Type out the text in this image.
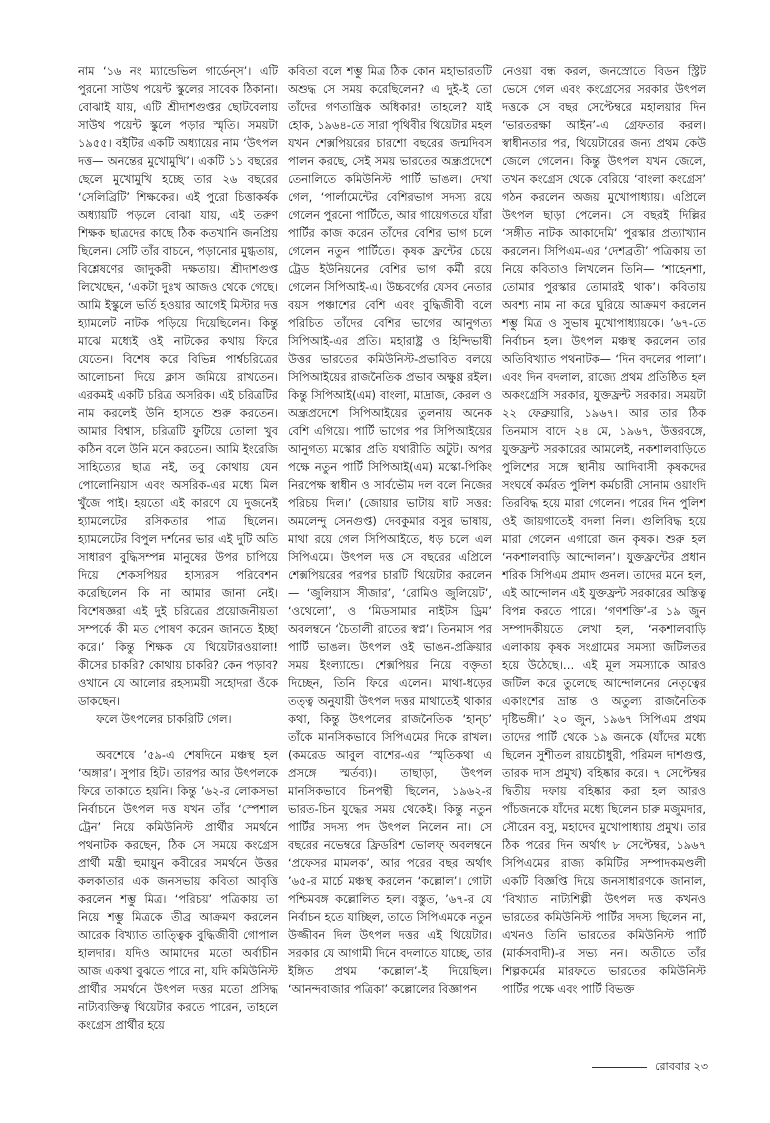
নাম ‘১৬ নং ম্যান্ডেভিল গার্ডেন্‌স’। এটি পুরনো সাউথ পয়েন্ট স্কুলের সাবেক ঠিকানা। বোঝাই যায়, এটি শ্রীদাশগুপ্তর ছোটবেলায় সাউথ পয়েন্ট স্কুলে পড়ার স্মৃতি। সময়টা ১৯৫৫। বইটির একটি অধ্যায়ের নাম ‘উৎপল দত্ত— অনন্তের মুখোমুখি’। একটি ১১ বছরের ছেলে মুখোমুখি হচ্ছে তার ২৬ বছরের ‘সেলিব্রিটি’ শিক্ষকের। এই পুরো চিত্তাকর্ষক অধ্যায়টি পড়লে বোঝা যায়, এই তরুণ শিক্ষক ছাত্রদের কাছে ঠিক কতখানি জনপ্রিয় ছিলেন। সেটি তাঁর বাচনে, পড়ানোর মুগ্ধতায়, বিশ্লেষণের জাদুকরী দক্ষতায়। শ্রীদাশগুপ্ত লিখেছেন, ‘একটা দুঃখ আজও থেকে গেছে। আমি ইস্কুলে ভর্তি হওয়ার আগেই মিস্টার দত্ত হ্যামলেট নাটক পড়িয়ে দিয়েছিলেন। কিন্তু মাঝে মধ্যেই ওই নাটকের কথায় ফিরে যেতেন। বিশেষ করে বিভিন্ন পার্শ্বচরিত্রের আলোচনা দিয়ে ক্লাস জমিয়ে রাখতেন। এরকমই একটি চরিত্র অসরিক। এই চরিত্রটির নাম করলেই উনি হাসতে শুরু করতেন। আমার বিশ্বাস, চরিত্রটি ফুটিয়ে তোলা খুব কঠিন বলে উনি মনে করতেন। আমি ইংরেজি সাহিত্যের ছাত্র নই, তবু কোথায় যেন পোলোনিয়াস এবং অসরিক-এর মধ্যে মিল খুঁজে পাই। হয়তো এই কারণে যে দুজনেই হ্যামলেটের রসিকতার পাত্র ছিলেন। হ্যামলেটের বিপুল দর্শনের ভার এই দুটি অতি সাধারণ বুদ্ধিসম্পন্ন মানুষের উপর চাপিয়ে দিয়ে শেকসপিয়র হাস্যরস পরিবেশন করেছিলেন কি না আমার জানা নেই। বিশেষজ্ঞরা এই দুই চরিত্রের প্রয়োজনীয়তা সম্পর্কে কী মত পোষণ করেন জানতে ইচ্ছা করে।’ কিন্তু শিক্ষক যে থিয়েটারওয়ালা! কীসের চাকরি? কোথায় চাকরি? কেন পড়াব? ওখানে যে আলোর রহস্যময়ী সহোদরা ওঁকে ডাকছেন।

ফলে উৎপলের চাকরিটি গেল।

অবশেষে ’৫৯-এ শেষদিনে মঞ্চস্থ হল ‘অঙ্গার’। সুপার হিট। তারপর আর উৎপলকে ফিরে তাকাতে হয়নি। কিন্তু ’৬২-র লোকসভা নির্বাচনে উৎপল দত্ত যখন তাঁর ‘স্পেশাল ট্রেন’ নিয়ে কমিউনিস্ট প্রার্থীর সমর্থনে পথনাটক করছেন, ঠিক সে সময়ে কংগ্রেস প্রার্থী মন্ত্রী হুমায়ুন কবীরের সমর্থনে উত্তর কলকাতার এক জনসভায় কবিতা আবৃত্তি করলেন শম্ভু মিত্র। ‘পরিচয়’ পত্রিকায় তা নিয়ে শম্ভু মিত্রকে তীব্র আক্রমণ করলেন আরেক বিখ্যাত তাত্ত্বিক বুদ্ধিজীবী গোপাল হালদার। যদিও আমাদের মতো অর্বাচীন আজ একথা বুঝতে পারে না, যদি কমিউনিস্ট প্রার্থীর সমর্থনে উৎপল দত্তর মতো প্রসিদ্ধ নাট্যব্যক্তিত্ব থিয়েটার করতে পারেন, তাহলে কংগ্রেস প্রার্থীর হয়ে

কবিতা বলে শম্ভু মিত্র ঠিক কোন মহাভারতটি অশুদ্ধ সে সময় করেছিলেন? এ দুই-ই তো তাঁদের গণতান্ত্রিক অধিকার! তাহলে? যাই হোক, ১৯৬৪-তে সারা পৃথিবীর থিয়েটার মহল যখন শেক্সপিয়রের চারশো বছরের জন্মদিবস পালন করছে, সেই সময় ভারতের অন্ধ্রপ্রদেশে তেনালিতে কমিউনিস্ট পার্টি ভাঙল। দেখা গেল, ‘পার্লামেন্টের বেশিরভাগ সদস্য রয়ে গেলেন পুরনো পার্টিতে, আর গায়েগতরে যাঁরা পার্টির কাজ করেন তাঁদের বেশির ভাগ চলে গেলেন নতুন পার্টিতে। কৃষক ফ্রন্টের চেয়ে ট্রেড ইউনিয়নের বেশির ভাগ কর্মী রয়ে গেলেন সিপিআই-এ। উচ্চবর্গের যেসব নেতার বয়স পঞ্চাশের বেশি এবং বুদ্ধিজীবী বলে পরিচিত তাঁদের বেশির ভাগের আনুগত্য সিপিআই-এর প্রতি। মহারাষ্ট্র ও হিন্দিভাষী উত্তর ভারতের কমিউনিস্ট-প্রভাবিত বলয়ে সিপিআইয়ের রাজনৈতিক প্রভাব অক্ষুণ্ণ রইল। কিন্তু সিপিআই(এম) বাংলা, মাদ্রাজ, কেরল ও অন্ধ্রপ্রদেশে সিপিআইয়ের তুলনায় অনেক বেশি এগিয়ে। পার্টি ভাগের পর সিপিআইয়ের আনুগত্য মস্কোর প্রতি যথারীতি অটুট। অপর পক্ষে নতুন পার্টি সিপিআই(এম) মস্কো-পিকিং নিরপেক্ষ স্বাধীন ও সার্বভৌম দল বলে নিজের পরিচয় দিল।’ (জোয়ার ভাটায় ষাট সত্তর: অমলেন্দু সেনগুপ্ত) দেবকুমার বসুর ভাষায়, মাথা রয়ে গেল সিপিআইতে, ধড় চলে এল সিপিএমে। উৎপল দত্ত সে বছরের এপ্রিলে শেক্সপিয়রের পরপর চারটি থিয়েটার করলেন— ‘জুলিয়াস সীজার’, ‘রোমিও জুলিয়েট’, ‘ওথেলো’, ও ‘মিডসামার নাইটস ড্রিম’ অবলম্বনে ‘চৈতালী রাতের স্বপ্ন’। তিনমাস পর পার্টি ভাঙল। উৎপল ওই ভাঙন-প্রক্রিয়ার সময় ইংল্যান্ডে। শেক্সপিয়র নিয়ে বক্তৃতা দিচ্ছেন, তিনি ফিরে এলেন। মাথা-ধড়ের তত্ত্ব অনুযায়ী উৎপল দত্তর মাথাতেই থাকার কথা, কিন্তু উৎপলের রাজনৈতিক ‘হান্চ’ তাঁকে মানসিকভাবে সিপিএমের দিকে রাখল। (কমরেড আবুল বাশের-এর ‘স্মৃতিকথা এ প্রসঙ্গে স্মর্তব্য)। তাছাড়া, উৎপল মানসিকভাবে চিনপন্থী ছিলেন, ১৯৬২-র ভারত-চিন যুদ্ধের সময় থেকেই। কিন্তু নতুন পার্টির সদস্য পদ উৎপল নিলেন না। সে বছরের নভেম্বরে ফ্রিডরিশ ভোলফ্ অবলম্বনে ‘প্রফেসর মামলক’, আর পরের বছর অর্থাৎ ’৬৫-র মার্চে মঞ্চস্থ করলেন ‘কল্লোল’। গোটা পশ্চিমবঙ্গ কল্লোলিত হল। বস্তুত, ’৬৭-র যে নির্বাচন হতে যাচ্ছিল, তাতে সিপিএমকে নতুন উজ্জীবন দিল উৎপল দত্তর এই থিয়েটার। সরকার যে আগামী দিনে বদলাতে যাচ্ছে, তার ইঙ্গিত প্রথম ‘কল্লোল’-ই দিয়েছিল। ‘আনন্দবাজার পত্রিকা’ কল্লোলের বিজ্ঞাপন

নেওয়া বন্ধ করল, জনস্রোতে বিডন স্ট্রিট ভেসে গেল এবং কংগ্রেসের সরকার উৎপল দত্তকে সে বছর সেপ্টেম্বরে মহালয়ার দিন ‘ভারতরক্ষা আইন’-এ গ্রেফতার করল। স্বাধীনতার পর, থিয়েটারের জন্য প্রথম কেউ জেলে গেলেন। কিন্তু উৎপল যখন জেলে, তখন কংগ্রেস থেকে বেরিয়ে ‘বাংলা কংগ্রেস’ গঠন করলেন অজয় মুখোপাধ্যায়। এপ্রিলে উৎপল ছাড়া পেলেন। সে বছরই দিল্লির ‘সঙ্গীত নাটক আকাদেমি’ পুরস্কার প্রত্যাখ্যান করলেন। সিপিএম-এর ‘দেশব্রতী’ পত্রিকায় তা নিয়ে কবিতাও লিখলেন তিনি— ‘শাহেনশা, তোমার পুরস্কার তোমারই থাক’। কবিতায় অবশ্য নাম না করে ঘুরিয়ে আক্রমণ করলেন শম্ভু মিত্র ও সুভাষ মুখোপাধ্যায়কে। ’৬৭-তে নির্বাচন হল। উৎপল মঞ্চস্থ করলেন তার অতিবিখ্যাত পথনাটক— ‘দিন বদলের পালা’। এবং দিন বদলাল, রাজ্যে প্রথম প্রতিষ্ঠিত হল অকংগ্রেসি সরকার, যুক্তফ্রন্ট সরকার। সময়টা ২২ ফেব্রুয়ারি, ১৯৬৭। আর তার ঠিক তিনমাস বাদে ২৪ মে, ১৯৬৭, উত্তরবঙ্গে, যুক্তফ্রন্ট সরকারের আমলেই, নকশালবাড়িতে পুলিশের সঙ্গে স্থানীয় আদিবাসী কৃষকদের সংঘর্ষে কর্মরত পুলিশ কর্মচারী সোনাম ওয়াংদি তিরবিদ্ধ হয়ে মারা গেলেন। পরের দিন পুলিশ ওই জায়গাতেই বদলা নিল। গুলিবিদ্ধ হয়ে মারা গেলেন এগারো জন কৃষক। শুরু হল ‘নকশালবাড়ি আন্দোলন’। যুক্তফ্রন্টের প্রধান শরিক সিপিএম প্রমাদ গুনল। তাদের মনে হল, এই আন্দোলন এই যুক্তফ্রন্ট সরকারের অস্তিত্ব বিপন্ন করতে পারে। ‘গণশক্তি’-র ১৯ জুন সম্পাদকীয়তে লেখা হল, ‘নকশালবাড়ি এলাকায় কৃষক সংগ্রামের সমস্যা জটিলতর হয়ে উঠেছে।… এই মূল সমস্যাকে আরও জটিল করে তুলেছে আন্দোলনের নেতৃত্বের একাংশের ভ্রান্ত ও অতুল্য রাজনৈতিক দৃষ্টিভঙ্গী।’ ২০ জুন, ১৯৬৭ সিপিএম প্রথম তাদের পার্টি থেকে ১৯ জনকে (যাঁদের মধ্যে ছিলেন সুশীতল রায়চৌধুরী, পরিমল দাশগুপ্ত, তারক দাস প্রমুখ) বহিষ্কার করে। ৭ সেপ্টেম্বর দ্বিতীয় দফায় বহিষ্কার করা হল আরও পাঁচজনকে যাঁদের মধ্যে ছিলেন চারু মজুমদার, সৌরেন বসু, মহাদেব মুখোপাধ্যায় প্রমুখ। তার ঠিক পরের দিন অর্থাৎ ৮ সেপ্টেম্বর, ১৯৬৭ সিপিএমের রাজ্য কমিটির সম্পাদকমণ্ডলী একটি বিজ্ঞপ্তি দিয়ে জনসাধারণকে জানাল, ‘বিখ্যাত নাট্যশিল্পী উৎপল দত্ত কখনও ভারতের কমিউনিস্ট পার্টির সদস্য ছিলেন না, এখনও তিনি ভারতের কমিউনিস্ট পার্টি (মার্কসবাদী)-র সভ্য নন। অতীতে তাঁর শিল্পকর্মের মারফতে ভারতের কমিউনিস্ট পার্টির পক্ষে এবং পার্টি বিভক্ত

রোববার ২৩
